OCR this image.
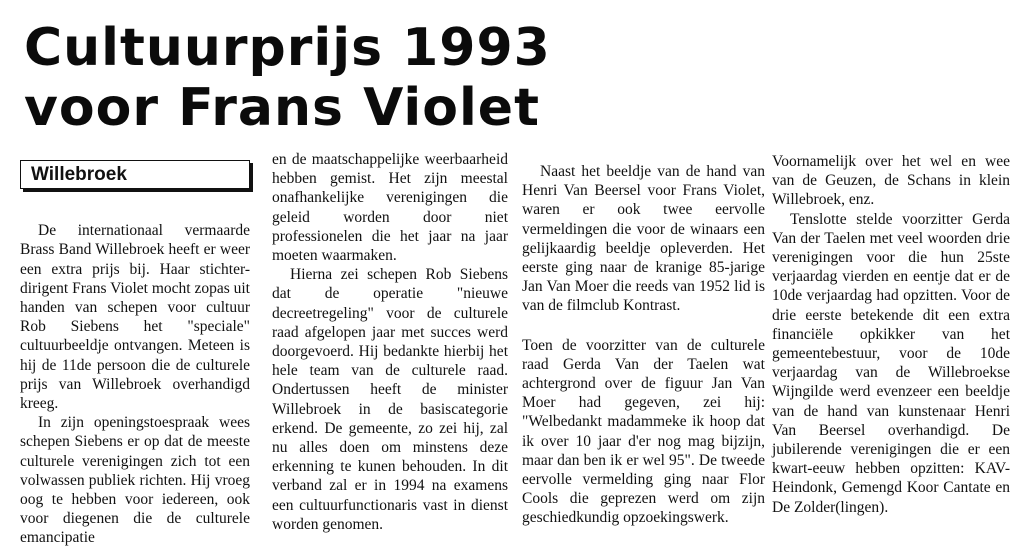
Cultuurprijs 1993
voor Frans Violet
Willebroek

De internationaal vermaarde Brass Band Willebroek heeft er weer een extra prijs bij. Haar stichter-dirigent Frans Violet mocht zopas uit handen van schepen voor cultuur Rob Siebens het "speciale" cultuurbeeldje ontvangen. Meteen is hij de 11de persoon die de culturele prijs van Willebroek overhandigd kreeg.

In zijn openingstoespraak wees schepen Siebens er op dat de meeste culturele verenigingen zich tot een volwassen publiek richten. Hij vroeg oog te hebben voor iedereen, ook voor diegenen die de culturele emancipatie

en de maatschappelijke weerbaarheid hebben gemist. Het zijn meestal onafhankelijke verenigingen die geleid worden door niet professionelen die het jaar na jaar moeten waarmaken.

Hierna zei schepen Rob Siebens dat de operatie "nieuwe decreetregeling" voor de culturele raad afgelopen jaar met succes werd doorgevoerd. Hij bedankte hierbij het hele team van de culturele raad. Ondertussen heeft de minister Willebroek in de basiscategorie erkend. De gemeente, zo zei hij, zal nu alles doen om minstens deze erkenning te kunen behouden. In dit verband zal er in 1994 na examens een cultuurfunctionaris vast in dienst worden genomen.

Naast het beeldje van de hand van Henri Van Beersel voor Frans Violet, waren er ook twee eervolle vermeldingen die voor de winaars een gelijkaardig beeldje opleverden. Het eerste ging naar de kranige 85-jarige Jan Van Moer die reeds van 1952 lid is van de filmclub Kontrast.

Toen de voorzitter van de culturele raad Gerda Van der Taelen wat achtergrond over de figuur Jan Van Moer had gegeven, zei hij: "Welbedankt madammeke ik hoop dat ik over 10 jaar d'er nog mag bijzijn, maar dan ben ik er wel 95". De tweede eervolle vermelding ging naar Flor Cools die geprezen werd om zijn geschiedkundig opzoekingswerk.

Voornamelijk over het wel en wee van de Geuzen, de Schans in klein Willebroek, enz.

Tenslotte stelde voorzitter Gerda Van der Taelen met veel woorden drie verenigingen voor die hun 25ste verjaardag vierden en eentje dat er de 10de verjaardag had opzitten. Voor de drie eerste betekende dit een extra financiële opkikker van het gemeentebestuur, voor de 10de verjaardag van de Willebroekse Wijngilde werd evenzeer een beeldje van de hand van kunstenaar Henri Van Beersel overhandigd. De jubilerende verenigingen die er een kwart-eeuw hebben opzitten: KAV-Heindonk, Gemengd Koor Cantate en De Zolder(lingen).
